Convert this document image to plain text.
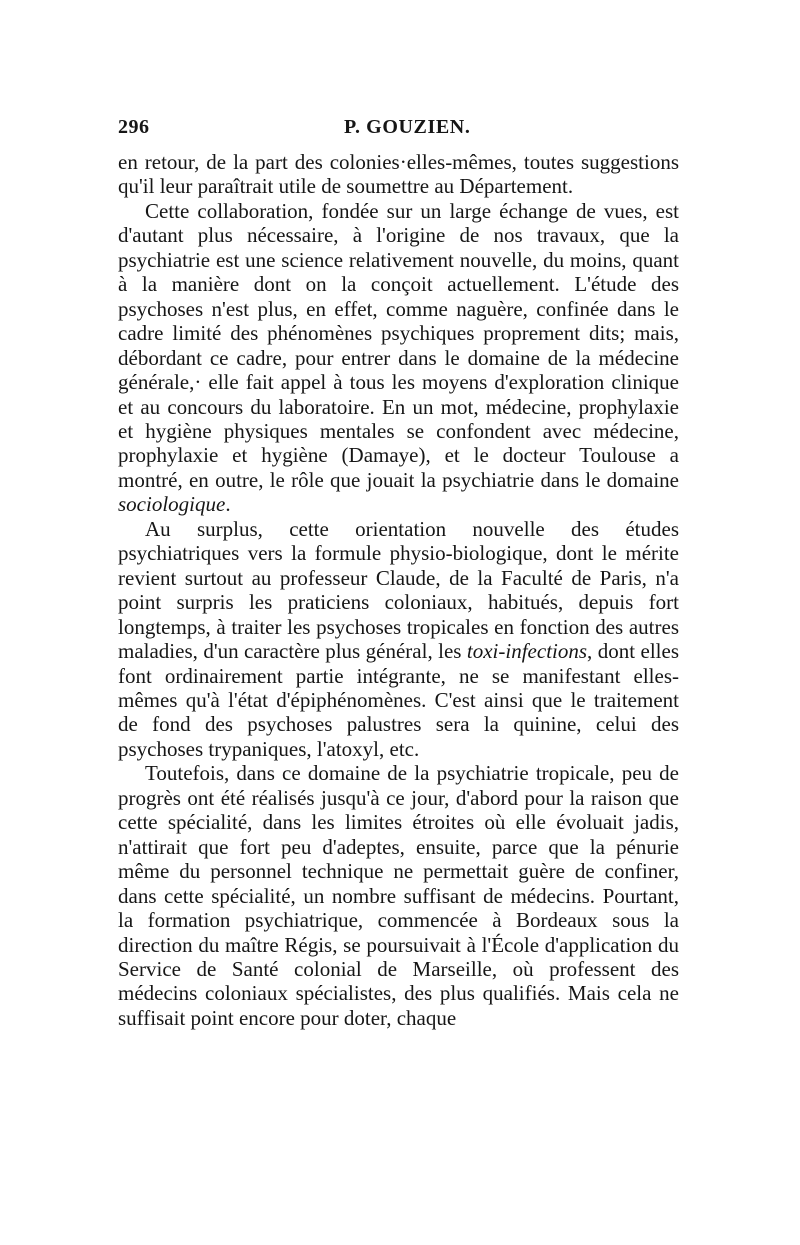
296	P. GOUZIEN.

en retour, de la part des colonies·elles-mêmes, toutes suggestions qu'il leur paraîtrait utile de soumettre au Département.

Cette collaboration, fondée sur un large échange de vues, est d'autant plus nécessaire, à l'origine de nos travaux, que la psychiatrie est une science relativement nouvelle, du moins, quant à la manière dont on la conçoit actuellement. L'étude des psychoses n'est plus, en effet, comme naguère, confinée dans le cadre limité des phénomènes psychiques proprement dits; mais, débordant ce cadre, pour entrer dans le domaine de la médecine générale,· elle fait appel à tous les moyens d'exploration clinique et au concours du laboratoire. En un mot, médecine, prophylaxie et hygiène physiques mentales se confondent avec médecine, prophylaxie et hygiène (Damaye), et le docteur Toulouse a montré, en outre, le rôle que jouait la psychiatrie dans le domaine sociologique.

Au surplus, cette orientation nouvelle des études psychiatriques vers la formule physio-biologique, dont le mérite revient surtout au professeur Claude, de la Faculté de Paris, n'a point surpris les praticiens coloniaux, habitués, depuis fort longtemps, à traiter les psychoses tropicales en fonction des autres maladies, d'un caractère plus général, les toxi-infections, dont elles font ordinairement partie intégrante, ne se manifestant elles-mêmes qu'à l'état d'épiphénomènes. C'est ainsi que le traitement de fond des psychoses palustres sera la quinine, celui des psychoses trypaniques, l'atoxyl, etc.

Toutefois, dans ce domaine de la psychiatrie tropicale, peu de progrès ont été réalisés jusqu'à ce jour, d'abord pour la raison que cette spécialité, dans les limites étroites où elle évoluait jadis, n'attirait que fort peu d'adeptes, ensuite, parce que la pénurie même du personnel technique ne permettait guère de confiner, dans cette spécialité, un nombre suffisant de médecins. Pourtant, la formation psychiatrique, commencée à Bordeaux sous la direction du maître Régis, se poursuivait à l'École d'application du Service de Santé colonial de Marseille, où professent des médecins coloniaux spécialistes, des plus qualifiés. Mais cela ne suffisait point encore pour doter, chaque
